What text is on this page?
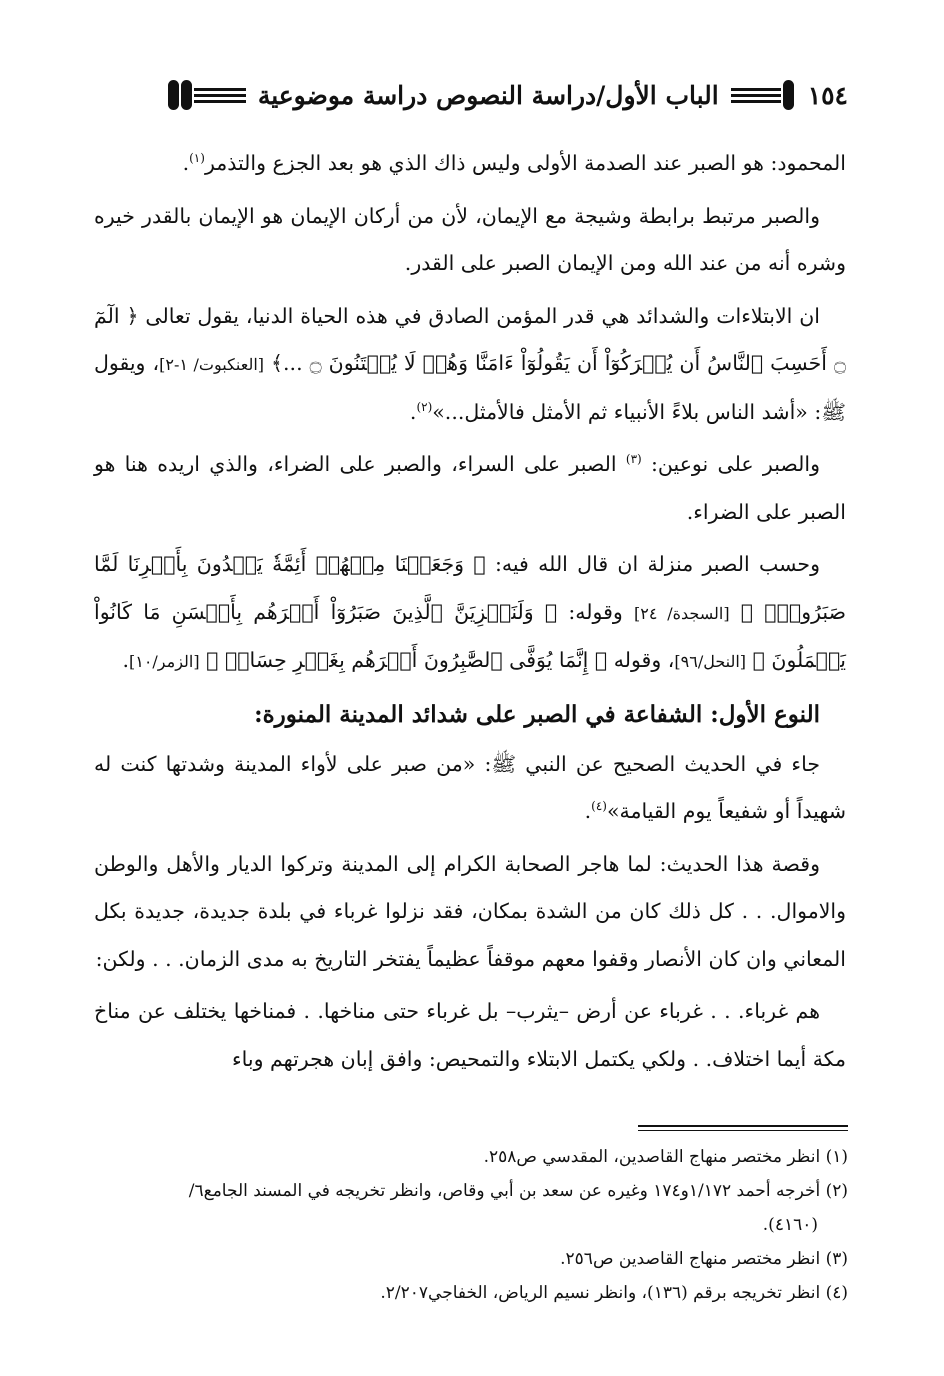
١٥٤
الباب الأول/دراسة النصوص دراسة موضوعية

المحمود: هو الصبر عند الصدمة الأولى وليس ذاك الذي هو بعد الجزع والتذمر$^{(١)}$.

والصبر مرتبط برابطة وشيجة مع الإيمان، لأن من أركان الإيمان هو الإيمان بالقدر خيره وشره أنه من عند الله ومن الإيمان الصبر على القدر.

ان الابتلاءات والشدائد هي قدر المؤمن الصادق في هذه الحياة الدنيا، يقول تعالى ﴿ الٓمٓ ۝ أَحَسِبَ ٱلنَّاسُ أَن يُتۡرَكُوٓاْ أَن يَقُولُوٓاْ ءَامَنَّا وَهُمۡ لَا يُفۡتَنُونَ ۝ ...﴾ [العنكبوت/ ١-٢]، ويقول ﷺ: «أشد الناس بلاءً الأنبياء ثم الأمثل فالأمثل...»$^{(٢)}$.

والصبر على نوعين: $^{(٣)}$ الصبر على السراء، والصبر على الضراء، والذي اريده هنا هو الصبر على الضراء.

وحسب الصبر منزلة ان قال الله فيه: ﴿ وَجَعَلۡنَا مِنۡهُمۡ أَئِمَّةٗ يَهۡدُونَ بِأَمۡرِنَا لَمَّا صَبَرُواْۖ ﴾ [السجدة/ ٢٤] وقوله: ﴿ وَلَنَجۡزِيَنَّ ٱلَّذِينَ صَبَرُوٓاْ أَجۡرَهُم بِأَحۡسَنِ مَا كَانُواْ يَعۡمَلُونَ ﴾ [النحل/٩٦]، وقوله ﴿ إِنَّمَا يُوَفَّى ٱلصَّٰبِرُونَ أَجۡرَهُم بِغَيۡرِ حِسَابٖ ﴾ [الزمر/١٠].

النوع الأول: الشفاعة في الصبر على شدائد المدينة المنورة:

جاء في الحديث الصحيح عن النبي ﷺ: «من صبر على لأواء المدينة وشدتها كنت له شهيداً أو شفيعاً يوم القيامة»$^{(٤)}$.

وقصة هذا الحديث: لما هاجر الصحابة الكرام إلى المدينة وتركوا الديار والأهل والوطن والاموال. . . كل ذلك كان من الشدة بمكان، فقد نزلوا غرباء في بلدة جديدة، جديدة بكل المعاني وان كان الأنصار وقفوا معهم موقفاً عظيماً يفتخر التاريخ به مدى الزمان. . . ولكن:

هم غرباء. . . غرباء عن أرض –يثرب– بل غرباء حتى مناخها. . فمناخها يختلف عن مناخ مكة أيما اختلاف. . ولكي يكتمل الابتلاء والتمحيص: وافق إبان هجرتهم وباء

(١) انظر مختصر منهاج القاصدين، المقدسي ص٢٥٨.

(٢) أخرجه أحمد ١/١٧٢و١٧٤ وغيره عن سعد بن أبي وقاص، وانظر تخريجه في المسند الجامع٦/

(٤١٦٠).

(٣) انظر مختصر منهاج القاصدين ص٢٥٦.

(٤) انظر تخريجه برقم (١٣٦)، وانظر نسيم الرياض، الخفاجي٢/٢٠٧.
